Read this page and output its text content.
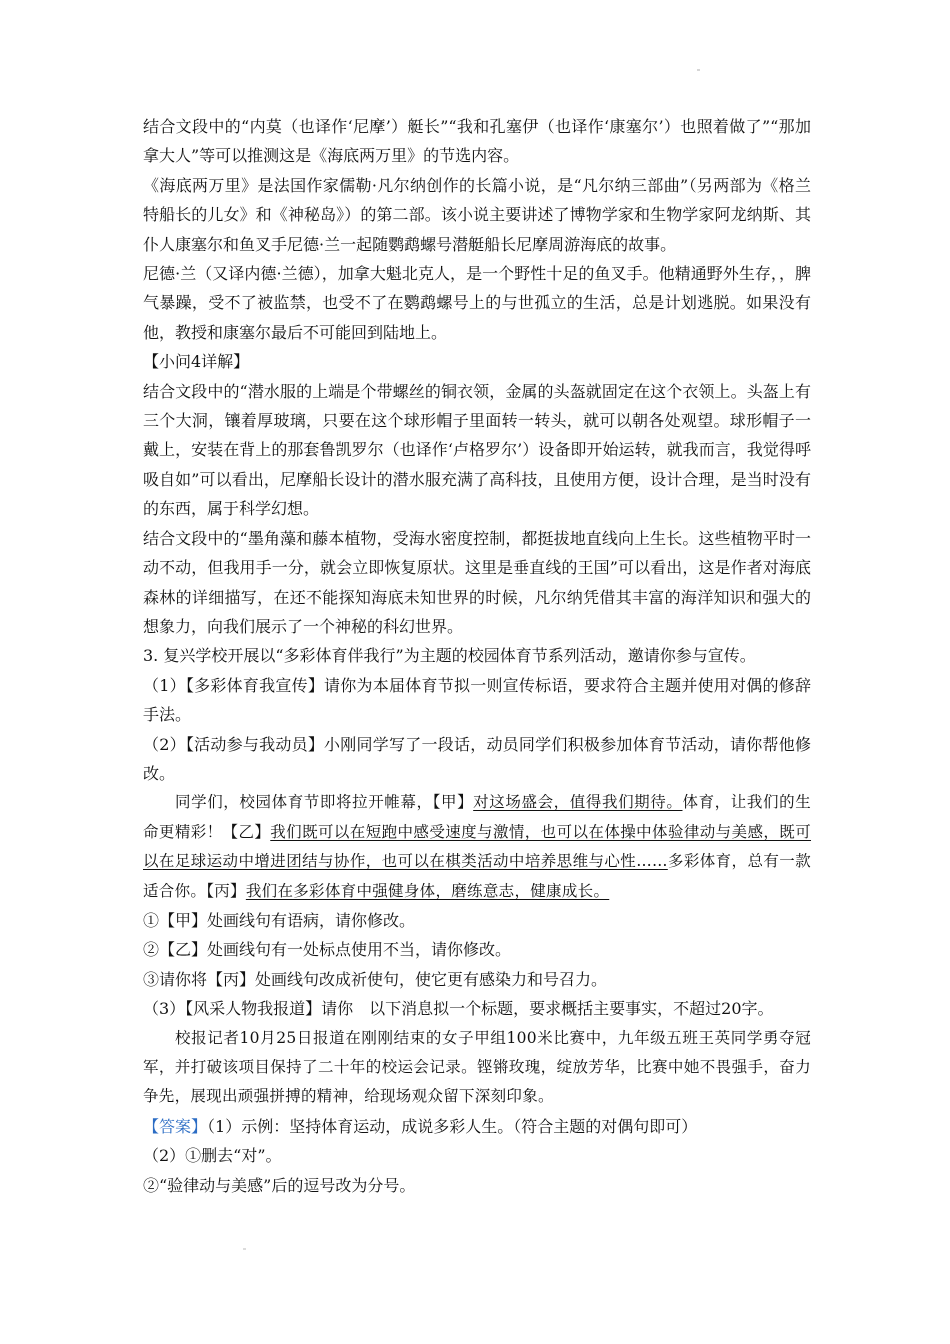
结合文段中的“内莫（也译作‘尼摩’）艇长”“我和孔塞伊（也译作‘康塞尔’）也照着做了”“那加拿大人”等可以推测这是《海底两万里》的节选内容。

《海底两万里》是法国作家儒勒·凡尔纳创作的长篇小说，是“凡尔纳三部曲”（另两部为《格兰特船长的儿女》和《神秘岛》）的第二部。该小说主要讲述了博物学家和生物学家阿龙纳斯、其仆人康塞尔和鱼叉手尼德·兰一起随鹦鹉螺号潜艇船长尼摩周游海底的故事。

尼德·兰（又译内德·兰德），加拿大魁北克人，是一个野性十足的鱼叉手。他精通野外生存，，脾气暴躁，受不了被监禁，也受不了在鹦鹉螺号上的与世孤立的生活，总是计划逃脱。如果没有他，教授和康塞尔最后不可能回到陆地上。

【小问4详解】

结合文段中的“潜水服的上端是个带螺丝的铜衣领，金属的头盔就固定在这个衣领上。头盔上有三个大洞，镶着厚玻璃，只要在这个球形帽子里面转一转头，就可以朝各处观望。球形帽子一戴上，安装在背上的那套鲁凯罗尔（也译作‘卢格罗尔’）设备即开始运转，就我而言，我觉得呼吸自如”可以看出，尼摩船长设计的潜水服充满了高科技，且使用方便，设计合理，是当时没有的东西，属于科学幻想。

结合文段中的“墨角藻和藤本植物，受海水密度控制，都挺拔地直线向上生长。这些植物平时一动不动，但我用手一分，就会立即恢复原状。这里是垂直线的王国”可以看出，这是作者对海底森林的详细描写，在还不能探知海底未知世界的时候，凡尔纳凭借其丰富的海洋知识和强大的想象力，向我们展示了一个神秘的科幻世界。

3. 复兴学校开展以“多彩体育伴我行”为主题的校园体育节系列活动，邀请你参与宣传。

（1）【多彩体育我宣传】请你为本届体育节拟一则宣传标语，要求符合主题并使用对偶的修辞手法。

（2）【活动参与我动员】小刚同学写了一段话，动员同学们积极参加体育节活动，请你帮他修改。

同学们，校园体育节即将拉开帷幕，【甲】对这场盛会，值得我们期待。体育，让我们的生命更精彩！【乙】我们既可以在短跑中感受速度与激情，也可以在体操中体验律动与美感，既可以在足球运动中增进团结与协作，也可以在棋类活动中培养思维与心性……多彩体育，总有一款适合你。【丙】我们在多彩体育中强健身体，磨练意志，健康成长。

①【甲】处画线句有语病，请你修改。

②【乙】处画线句有一处标点使用不当，请你修改。

③请你将【丙】处画线句改成祈使句，使它更有感染力和号召力。

（3）【风采人物我报道】请你　以下消息拟一个标题，要求概括主要事实，不超过20字。

校报记者10月25日报道在刚刚结束的女子甲组100米比赛中，九年级五班王英同学勇夺冠军，并打破该项目保持了二十年的校运会记录。铿锵玫瑰，绽放芳华，比赛中她不畏强手，奋力争先，展现出顽强拼搏的精神，给现场观众留下深刻印象。

【答案】（1）示例：坚持体育运动，成说多彩人生。（符合主题的对偶句即可）

（2）①删去“对”。

②“验律动与美感”后的逗号改为分号。
